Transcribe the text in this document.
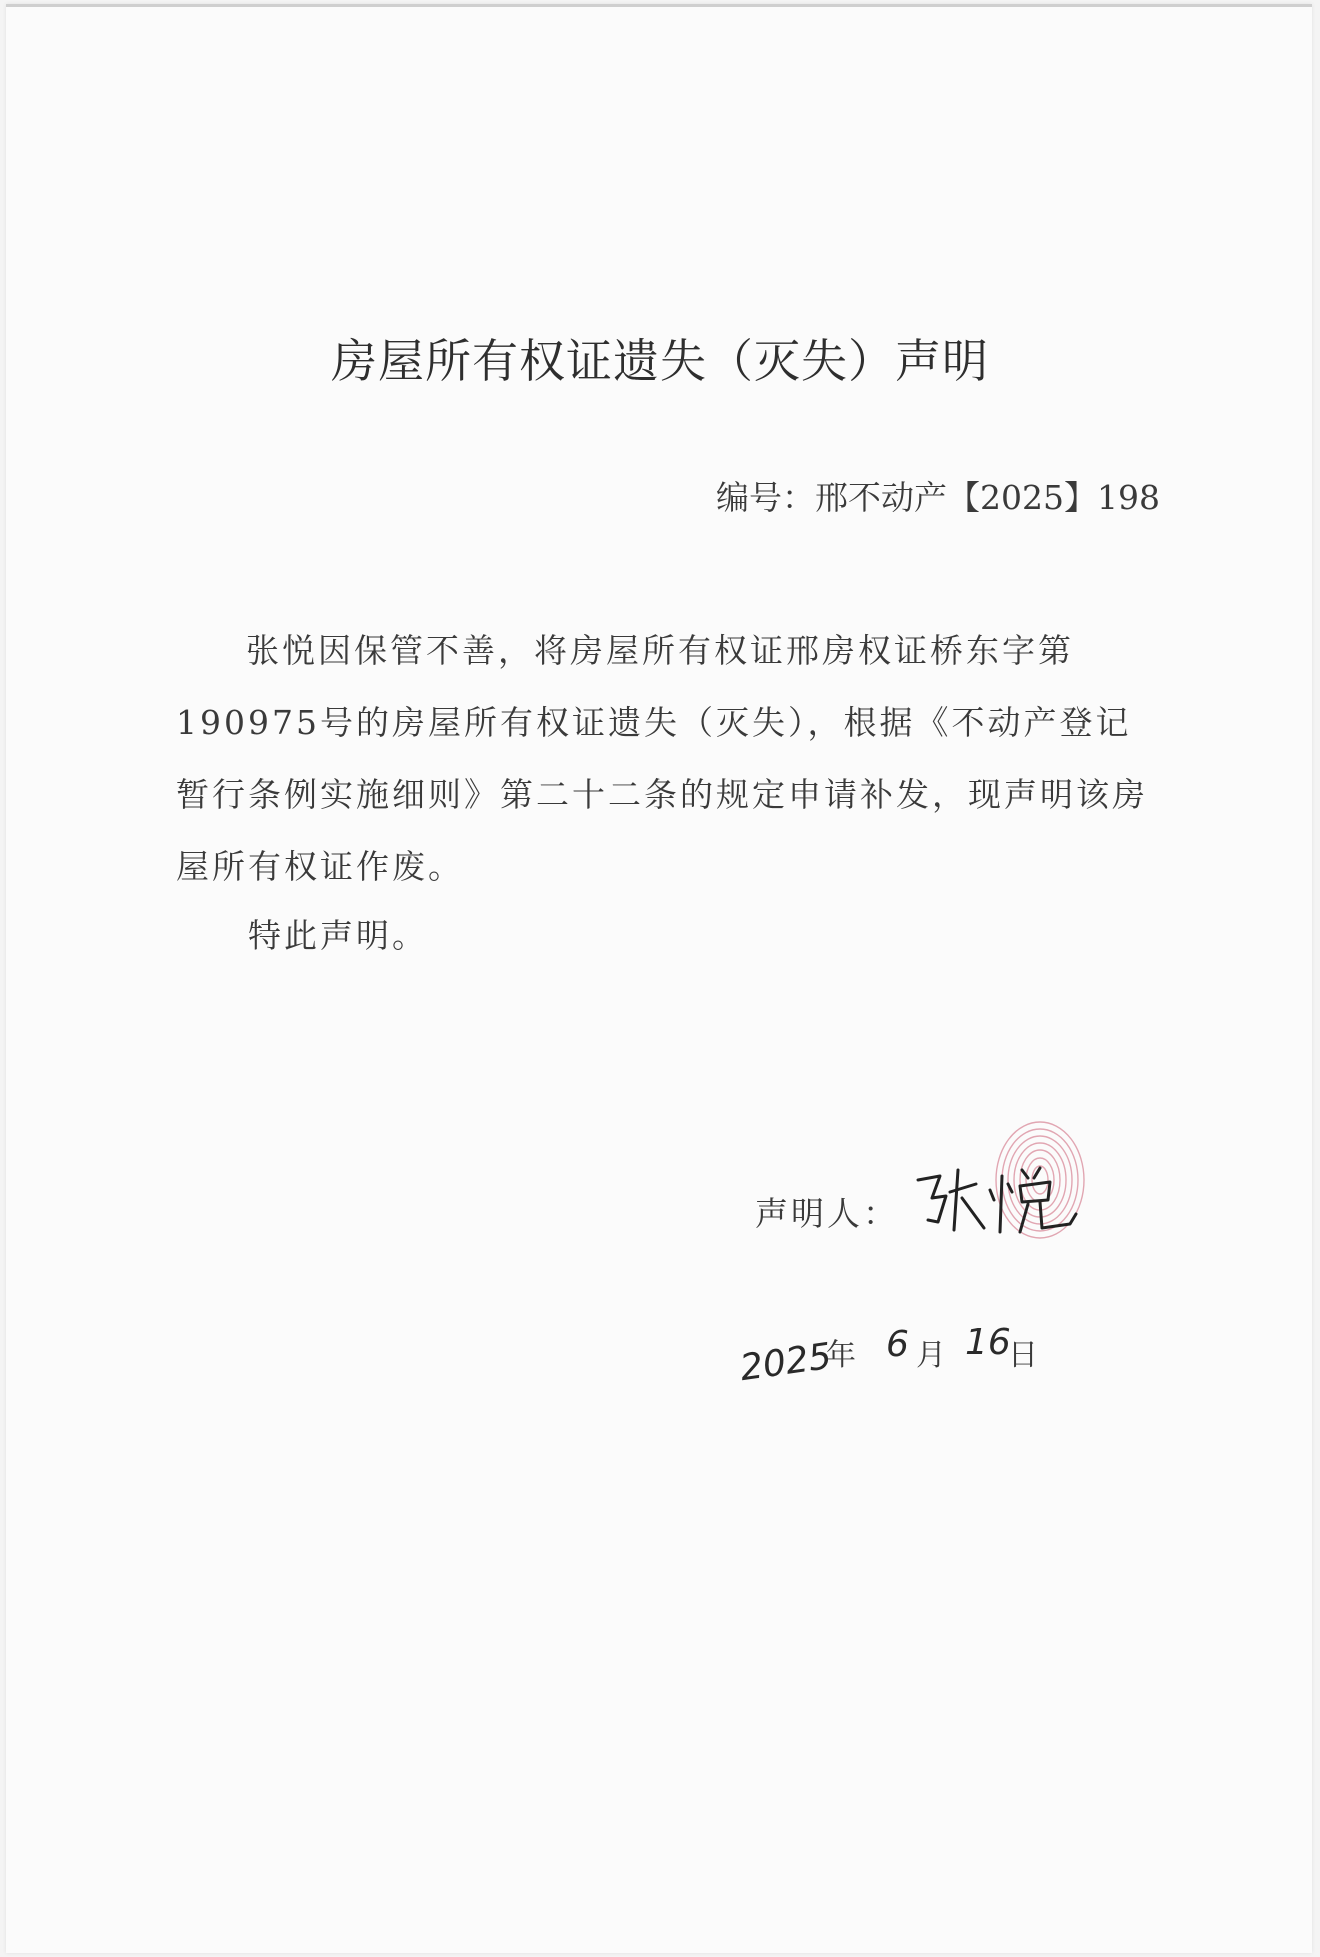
房屋所有权证遗失（灭失）声明
编号：邢不动产【2025】198

张悦因保管不善，将房屋所有权证邢房权证桥东字第190975号的房屋所有权证遗失（灭失），根据《不动产登记暂行条例实施细则》第二十二条的规定申请补发，现声明该房屋所有权证作废。

特此声明。
声明人：
2025
年 6 月 16
日
